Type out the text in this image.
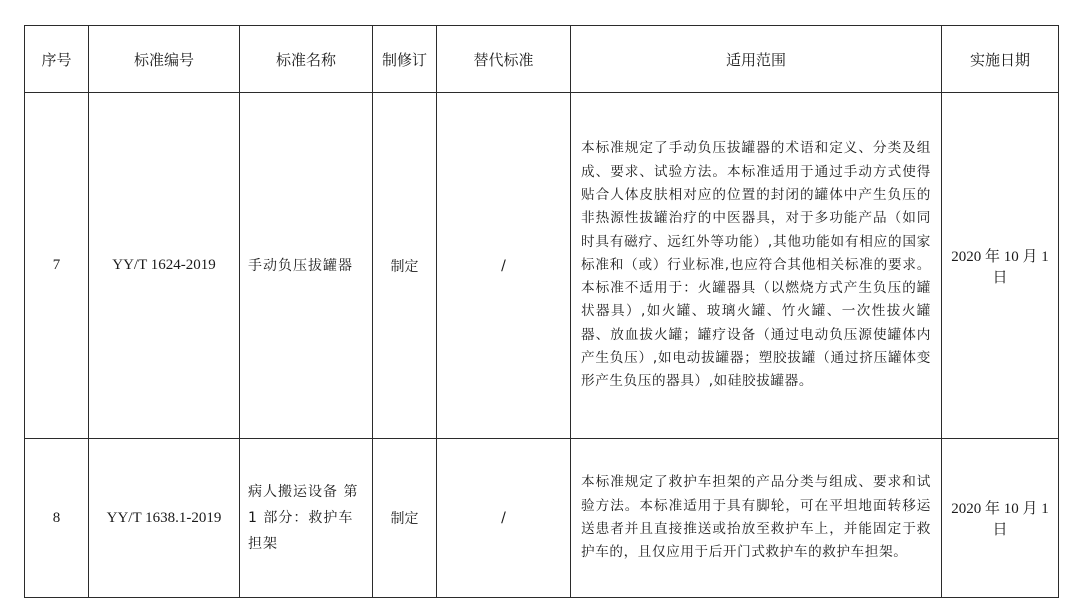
序号	标准编号	标准名称	制修订	替代标准	适用范围	实施日期
7	YY/T 1624-2019	手动负压拔罐器	制定	/	本标准规定了手动负压拔罐器的术语和定义、分类及组成、要求、试验方法。本标准适用于通过手动方式使得贴合人体皮肤相对应的位置的封闭的罐体中产生负压的非热源性拔罐治疗的中医器具，对于多功能产品（如同时具有磁疗、远红外等功能）,其他功能如有相应的国家标准和（或）行业标准,也应符合其他相关标准的要求。本标准不适用于：火罐器具（以燃烧方式产生负压的罐状器具）,如火罐、玻璃火罐、竹火罐、一次性拔火罐器、放血拔火罐；罐疗设备（通过电动负压源使罐体内产生负压）,如电动拔罐器；塑胶拔罐（通过挤压罐体变形产生负压的器具）,如硅胶拔罐器。	2020 年 10 月 1 日
8	YY/T 1638.1-2019	病人搬运设备 第 1 部分：救护车担架	制定	/	本标准规定了救护车担架的产品分类与组成、要求和试验方法。本标准适用于具有脚轮，可在平坦地面转移运送患者并且直接推送或抬放至救护车上，并能固定于救护车的，且仅应用于后开门式救护车的救护车担架。	2020 年 10 月 1 日
